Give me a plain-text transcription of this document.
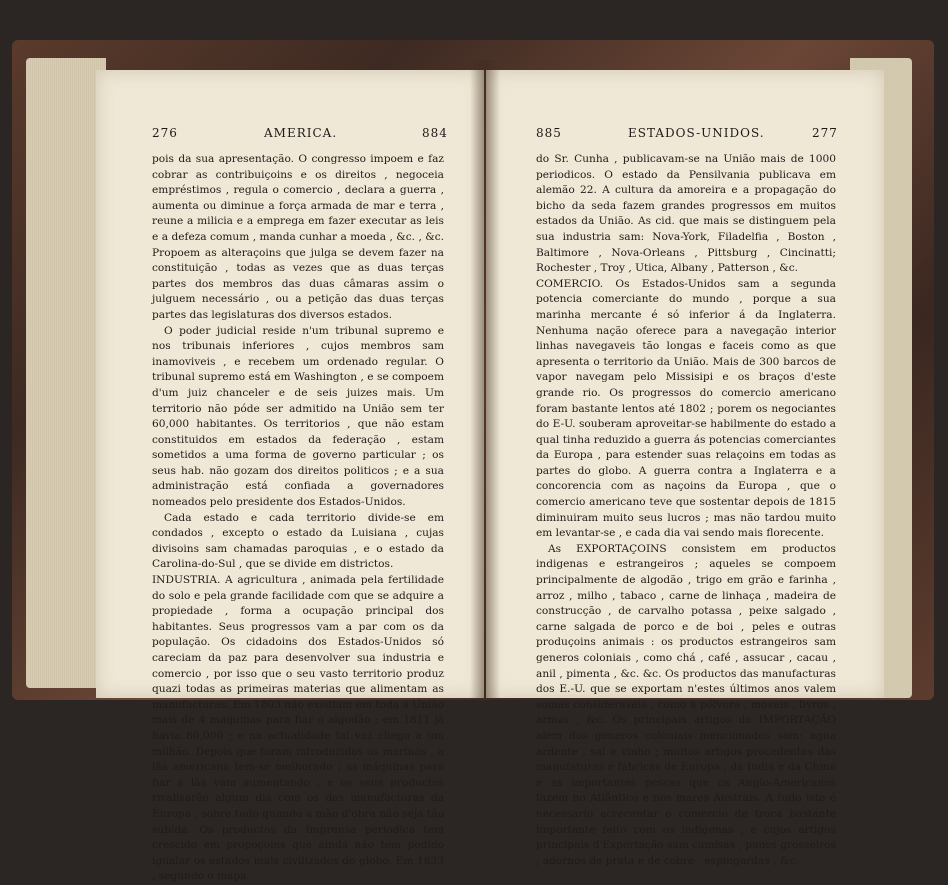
276	AMERICA.	884

pois da sua apresentação. O congresso impoem e faz cobrar as contribuiçoins e os direitos , negoceia empréstimos , regula o comercio , declara a guerra , aumenta ou diminue a força armada de mar e terra , reune a milicia e a emprega em fazer executar as leis e a defeza comum , manda cunhar a moeda , &c. , &c. Propoem as alteraçoins que julga se devem fazer na constituição , todas as vezes que as duas terças partes dos membros das duas câmaras assim o julguem necessário , ou a petição das duas terças partes das legislaturas dos diversos estados.

O poder judicial reside n'um tribunal supremo e nos tribunais inferiores , cujos membros sam inamoviveis , e recebem um ordenado regular. O tribunal supremo está em Washington , e se compoem d'um juiz chanceler e de seis juizes mais. Um territorio não póde ser admitido na União sem ter 60,000 habitantes. Os territorios , que não estam constituidos em estados da federação , estam sometidos a uma forma de governo particular ; os seus hab. não gozam dos direitos politicos ; e a sua administração está confiada a governadores nomeados pelo presidente dos Estados-Unidos.

Cada estado e cada territorio divide-se em condados , excepto o estado da Luisiana , cujas divisoins sam chamadas paroquias , e o estado da Carolina-do-Sul , que se divide em districtos.

INDUSTRIA. A agricultura , animada pela fertilidade do solo e pela grande facilidade com que se adquire a propiedade , forma a ocupação principal dos habitantes. Seus progressos vam a par com os da população. Os cidadoins dos Estados-Unidos só careciam da paz para desenvolver sua industria e comercio , por isso que o seu vasto territorio produz quazi todas as primeiras materias que alimentam as manufacturas. Em 1803 não existiam em toda a União mais de 4 maquinas para fiar o algodão ; em 1811 já havia 80,000 ; e na actualidade tal vez chega a um milhão. Depois que foram introduzidos os merinós , a lãa americana tem-se melhorado ; as máquinas para fiar a lãa vam aumentando , e os seus productos rivalisarão algum dia com os das manufacturas da Europa , sobre tudo quando a mão d'obra não seja tão subida. Os productos da Imprensa periodica tem crescido em propoçoins que ainda não tem podido igualar os estados mais civilizados do globo. Em 1833 , segundo o mapa

885	ESTADOS-UNIDOS.	277

do Sr. Cunha , publicavam-se na União mais de 1000 periodicos. O estado da Pensilvania publicava em alemão 22. A cultura da amoreira e a propagação do bicho da seda fazem grandes progressos em muitos estados da União. As cid. que mais se distinguem pela sua industria sam: Nova-York, Filadelfia , Boston , Baltimore , Nova-Orleans , Pittsburg , Cincinatti; Rochester , Troy , Utica, Albany , Patterson , &c.

COMERCIO. Os Estados-Unidos sam a segunda potencia comerciante do mundo , porque a sua marinha mercante é só inferior á da Inglaterra. Nenhuma nação oferece para a navegação interior linhas navegaveis tão longas e faceis como as que apresenta o territorio da União. Mais de 300 barcos de vapor navegam pelo Missisipi e os braços d'este grande rio. Os progressos do comercio americano foram bastante lentos até 1802 ; porem os negociantes do E-U. souberam aproveitar-se habilmente do estado a qual tinha reduzido a guerra ás potencias comerciantes da Europa , para estender suas relaçoins em todas as partes do globo. A guerra contra a Inglaterra e a concorencia com as naçoins da Europa , que o comercio americano teve que sostentar depois de 1815 diminuiram muito seus lucros ; mas não tardou muito em levantar-se , e cada dia vai sendo mais florecente.

As EXPORTAÇOINS consistem em productos indigenas e estrangeiros ; aqueles se compoem principalmente de algodão , trigo em grão e farinha , arroz , milho , tabaco , carne de linhaça , madeira de construcção , de carvalho potassa , peixe salgado , carne salgada de porco e de boi , peles e outras produçoins animais : os productos estrangeiros sam generos coloniais , como chá , café , assucar , cacau , anil , pimenta , &c. &c. Os productos das manufacturas dos E.-U. que se exportam n'estes últimos anos valem somas consideraveis , como a pólvora , moveis , livros , armas , &c. Os principais artigos de IMPORTAÇÃO alem dos generos coloniais mencionados sam: agua ardente , sal e vinho ; muitos artigos procedentes das manufaturas e fábricas de Europa , da India e da China e as importantes pescas que os Anglo-Americanos fazem no Atlântico e nos mares Austrais. A tudo isto é necessario acrecentar o comercio de troca bastante importante feito com os indigenas , e cujos artigos principais d'Exportação sam camisas , panos grosseiros , adornos de prata e de cobre , espingardas , &c.
